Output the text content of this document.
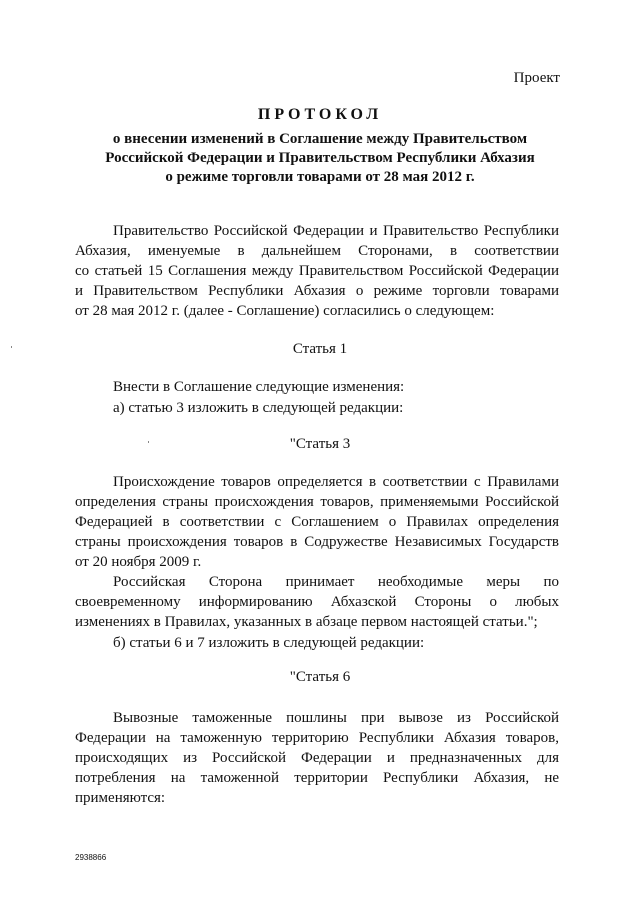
Проект
ПРОТОКОЛ
о внесении изменений в Соглашение между Правительством
Российской Федерации и Правительством Республики Абхазия
о режиме торговли товарами от 28 мая 2012 г.
Правительство Российской Федерации и Правительство Республики
Абхазия, именуемые в дальнейшем Сторонами, в соответствии
со статьей 15 Соглашения между Правительством Российской Федерации
и Правительством Республики Абхазия о режиме торговли товарами
от 28 мая 2012 г. (далее - Соглашение) согласились о следующем:
Статья 1
Внести в Соглашение следующие изменения:
а) статью 3 изложить в следующей редакции:
"Статья 3
Происхождение товаров определяется в соответствии с Правилами
определения страны происхождения товаров, применяемыми Российской
Федерацией в соответствии с Соглашением о Правилах определения
страны происхождения товаров в Содружестве Независимых Государств
от 20 ноября 2009 г.
Российская Сторона принимает необходимые меры по
своевременному информированию Абхазской Стороны о любых
изменениях в Правилах, указанных в абзаце первом настоящей статьи.";
б) статьи 6 и 7 изложить в следующей редакции:
"Статья 6
Вывозные таможенные пошлины при вывозе из Российской
Федерации на таможенную территорию Республики Абхазия товаров,
происходящих из Российской Федерации и предназначенных для
потребления на таможенной территории Республики Абхазия, не
применяются:
2938866
